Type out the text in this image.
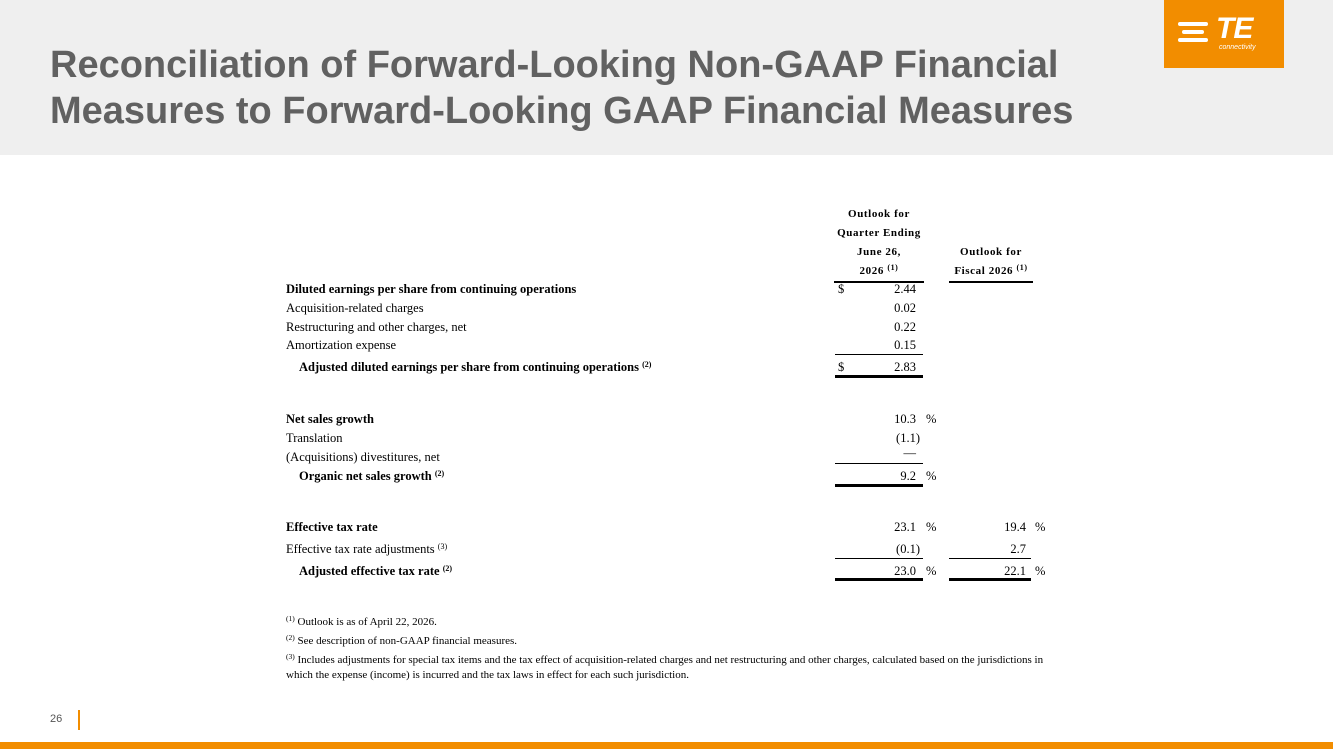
Reconciliation of Forward-Looking Non-GAAP Financial Measures to Forward-Looking GAAP Financial Measures
TE
connectivity
Outlook for
Quarter Ending
June 26,
2026 $^{(1)}$
Outlook for
Fiscal 2026 $^{(1)}$
Diluted earnings per share from continuing operations	$	2.44
Acquisition-related charges	0.02
Restructuring and other charges, net	0.22
Amortization expense	0.15
Adjusted diluted earnings per share from continuing operations $^{(2)}$	$	2.83
Net sales growth	10.3 %
Translation	(1.1)
(Acquisitions) divestitures, net	—
Organic net sales growth $^{(2)}$	9.2 %
Effective tax rate	23.1 %	19.4 %
Effective tax rate adjustments $^{(3)}$	(0.1)	2.7
Adjusted effective tax rate $^{(2)}$	23.0 %	22.1 %
$^{(1)}$ Outlook is as of April 22, 2026.
$^{(2)}$ See description of non-GAAP financial measures.
$^{(3)}$ Includes adjustments for special tax items and the tax effect of acquisition-related charges and net restructuring and other charges, calculated based on the jurisdictions in which the expense (income) is incurred and the tax laws in effect for each such jurisdiction.
26
